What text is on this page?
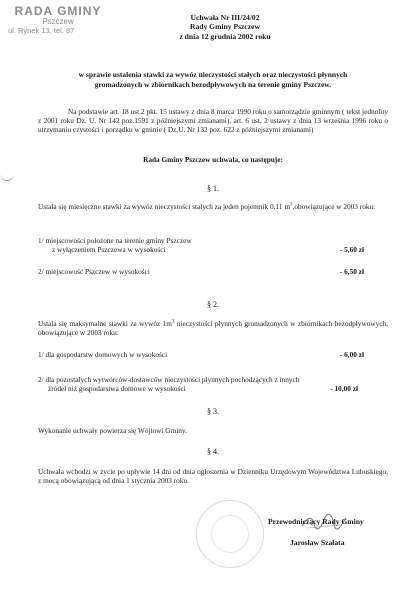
RADA GMINY
Pszczew
ul. Rynek 13, tel. 87
Uchwała Nr III/24/02
Rady Gminy Pszczew
z dnia 12 grudnia 2002 roku
w sprawie ustalenia stawki za wywóz nieczystości stałych oraz nieczystości płynnych
gromadzonych w zbiornikach bezodpływowych na terenie gminy Pszczew.
Na podstawie art. 18 ust.2 pkt. 15 ustawy z dnia 8 marca 1990 roku o samorządzie gminnym ( tekst jednolity z 2001 roku Dz. U. Nr 142 poz.1591 z późniejszymi zmianami), art. 6 ust. 2 ustawy z dnia 13 września 1996 roku o utrzymaniu czystości i porządku w gminie ( Dz.U. Nr 132 poz. 622 z późniejszymi zmianami)
Rada Gminy Pszczew uchwala, co następuje:
§ 1.
Ustala się miesięczne stawki za wywóz nieczystości stałych za jeden pojemnik 0,11 $m^3,obowiązujące$ w 2003 roku:
1/ miejscowości położone na terenie gminy Pszczew
z wyłączeniem Pszczewa w wysokości	- 5,60 zł
2/ miejscowość Pszczew w wysokości	- 6,50 zł
§ 2.
Ustala się maksymalne stawki za wywóz $1m^3$ nieczystości płynnych gromadzonych w zbiornikach bezodpływowych, obowiązujące w 2003 roku:
1/ dla gospodarstw domowych w wysokości	- 6,00 zł
2/ dla pozostałych wytwórców-dostawców nieczystości płynnych pochodzących z innych
źródeł niż gospodarstwa domowe w wysokości	- 10,00 zł
§ 3.
Wykonanie uchwały powierza się Wójtowi Gminy.
§ 4.
Uchwała wchodzi w życie po upływie 14 dni od dnia ogłoszenia w Dzienniku Urzędowym Województwa Lubuskiego, z mocą obowiązującą od dnia 1 stycznia 2003 roku.
Przewodniczący Rady Gminy
Jarosław Szałata
